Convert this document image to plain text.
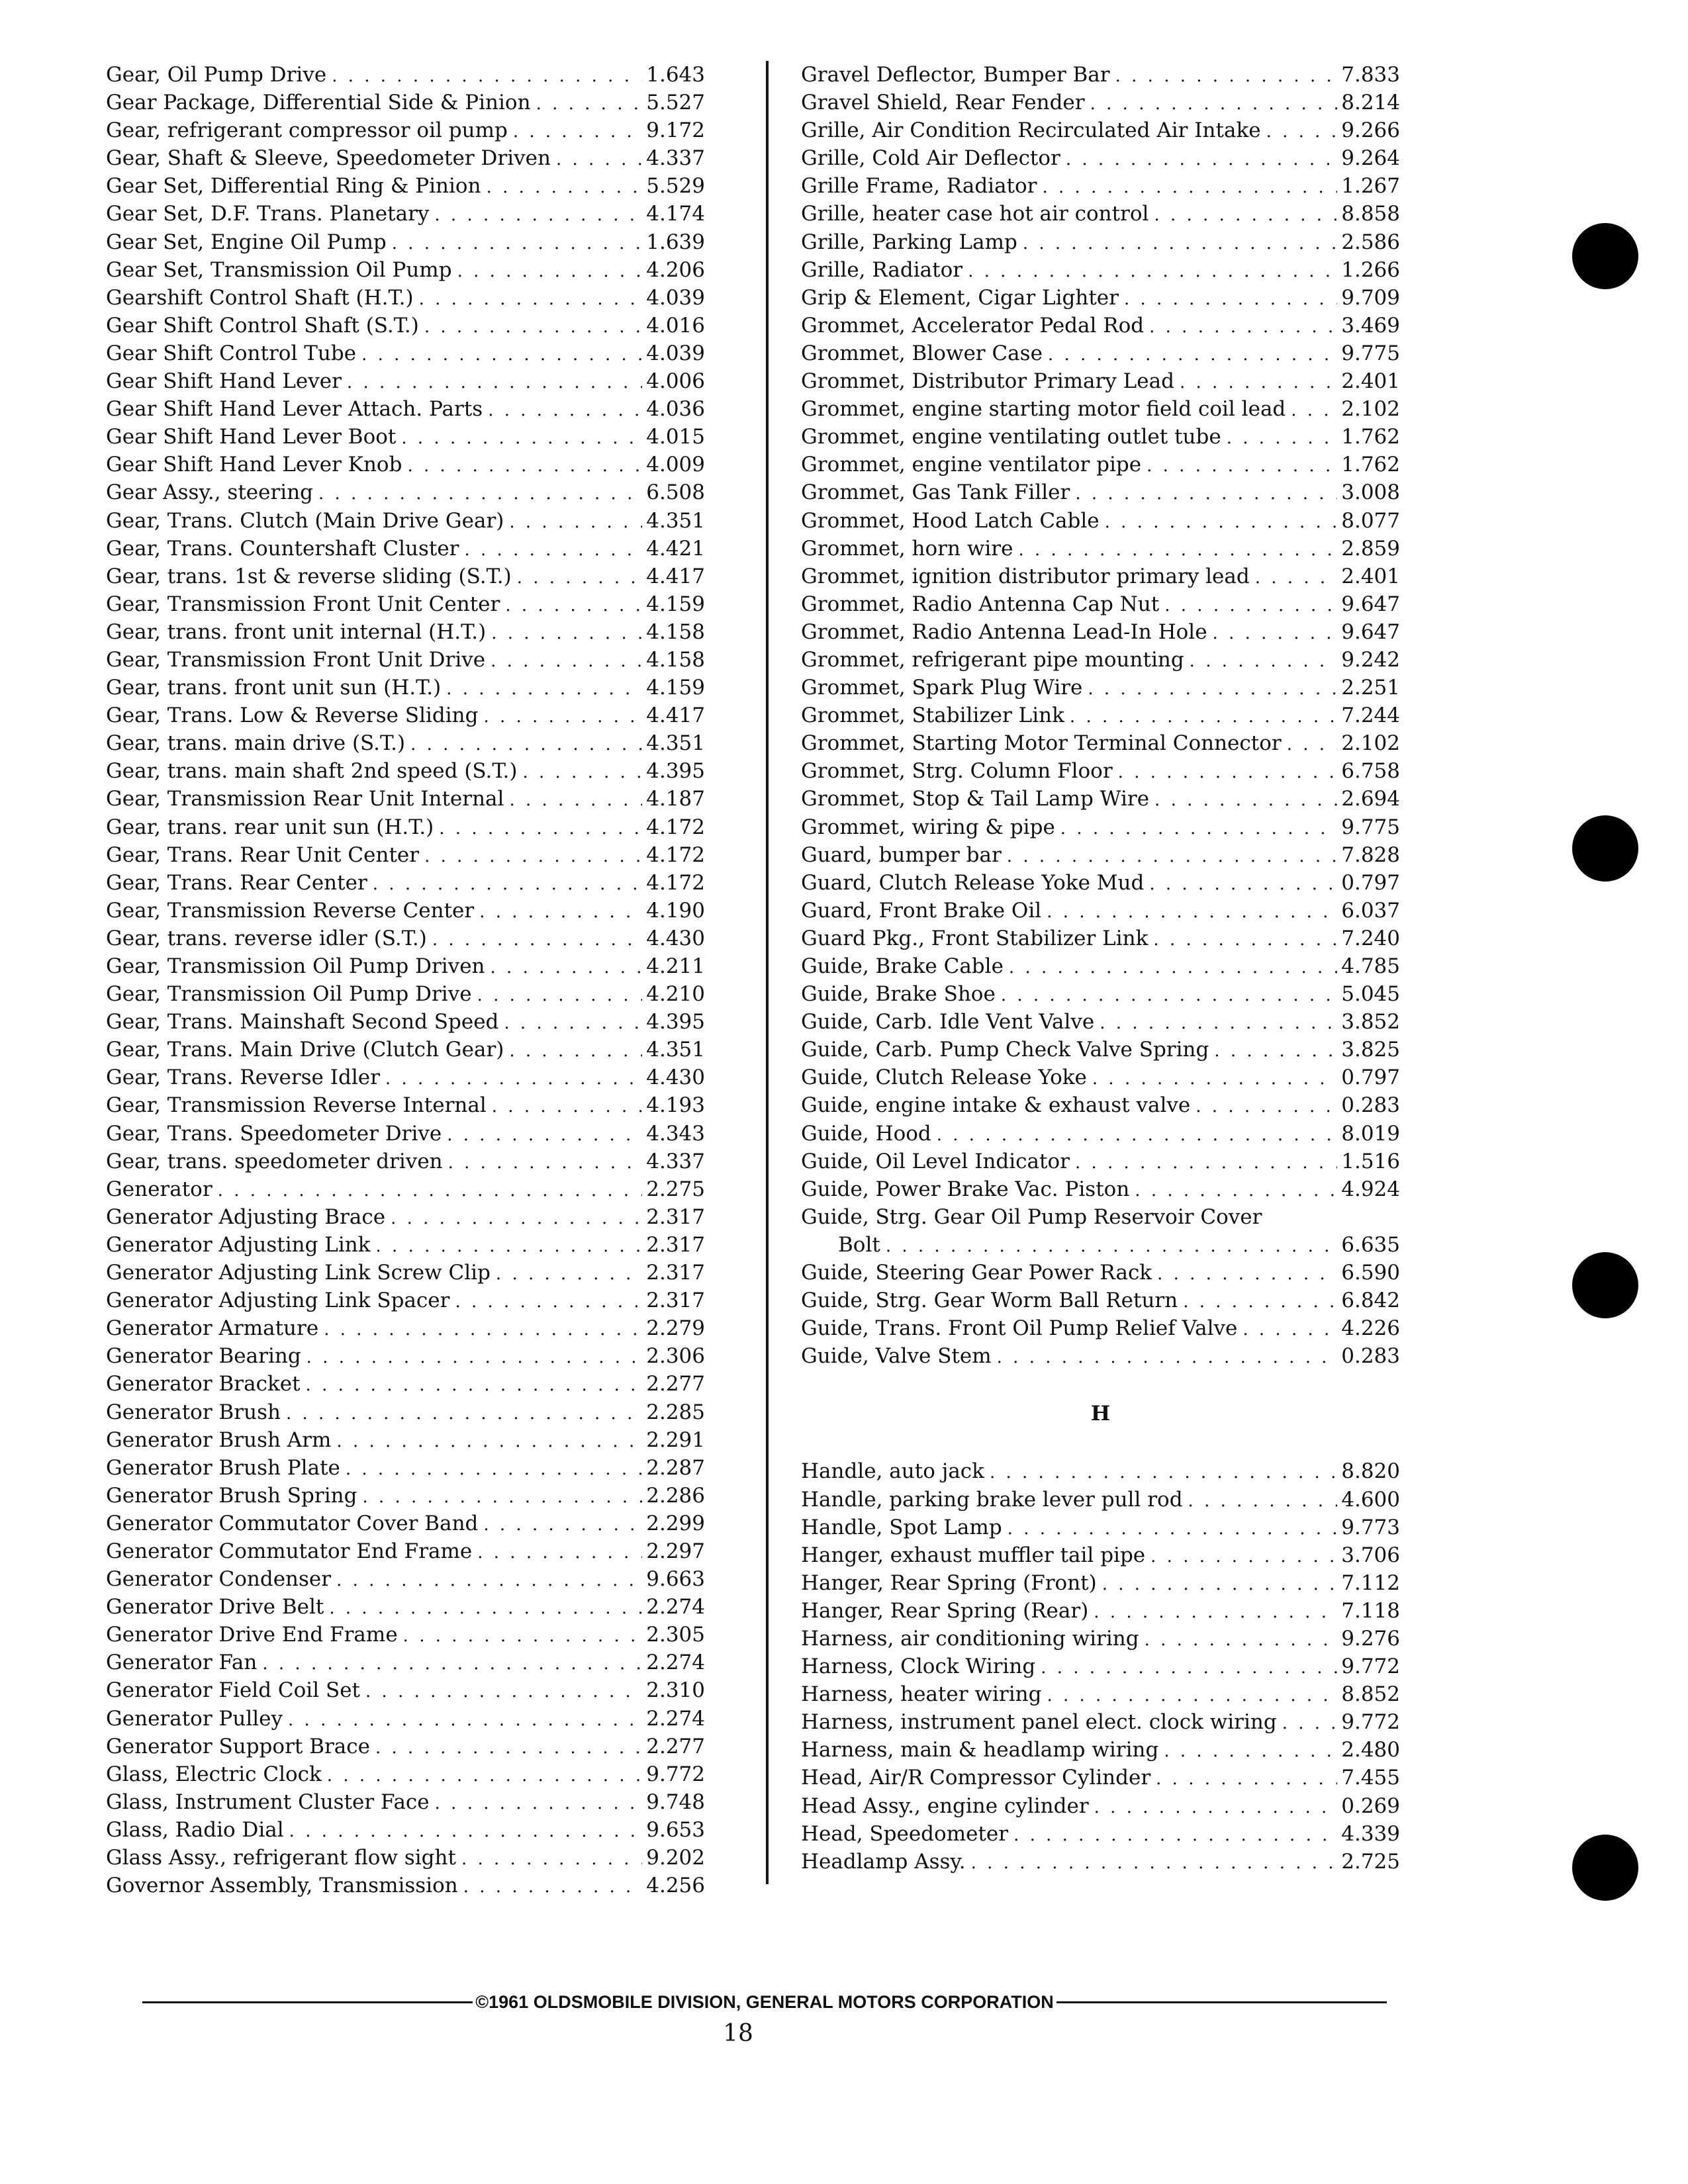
Gear, Oil Pump Drive . . .	1.643
Gear Package, Differential Side & Pinion . . .	5.527
Gear, refrigerant compressor oil pump . . .	9.172
Gear, Shaft & Sleeve, Speedometer Driven . . .	4.337
Gear Set, Differential Ring & Pinion . . .	5.529
Gear Set, D.F. Trans. Planetary . . .	4.174
Gear Set, Engine Oil Pump . . .	1.639
Gear Set, Transmission Oil Pump . . .	4.206
Gearshift Control Shaft (H.T.) . . .	4.039
Gear Shift Control Shaft (S.T.) . . .	4.016
Gear Shift Control Tube . . .	4.039
Gear Shift Hand Lever . . .	4.006
Gear Shift Hand Lever Attach. Parts . . .	4.036
Gear Shift Hand Lever Boot . . .	4.015
Gear Shift Hand Lever Knob . . .	4.009
Gear Assy., steering . . .	6.508
Gear, Trans. Clutch (Main Drive Gear) . . .	4.351
Gear, Trans. Countershaft Cluster . . .	4.421
Gear, trans. 1st & reverse sliding (S.T.) . . .	4.417
Gear, Transmission Front Unit Center . . .	4.159
Gear, trans. front unit internal (H.T.) . . .	4.158
Gear, Transmission Front Unit Drive . . .	4.158
Gear, trans. front unit sun (H.T.) . . .	4.159
Gear, Trans. Low & Reverse Sliding . . .	4.417
Gear, trans. main drive (S.T.) . . .	4.351
Gear, trans. main shaft 2nd speed (S.T.) . . .	4.395
Gear, Transmission Rear Unit Internal . . .	4.187
Gear, trans. rear unit sun (H.T.) . . .	4.172
Gear, Trans. Rear Unit Center . . .	4.172
Gear, Trans. Rear Center . . .	4.172
Gear, Transmission Reverse Center . . .	4.190
Gear, trans. reverse idler (S.T.) . . .	4.430
Gear, Transmission Oil Pump Driven . . .	4.211
Gear, Transmission Oil Pump Drive . . .	4.210
Gear, Trans. Mainshaft Second Speed . . .	4.395
Gear, Trans. Main Drive (Clutch Gear) . . .	4.351
Gear, Trans. Reverse Idler . . .	4.430
Gear, Transmission Reverse Internal . . .	4.193
Gear, Trans. Speedometer Drive . . .	4.343
Gear, trans. speedometer driven . . .	4.337
Generator . . .	2.275
Generator Adjusting Brace . . .	2.317
Generator Adjusting Link . . .	2.317
Generator Adjusting Link Screw Clip . . .	2.317
Generator Adjusting Link Spacer . . .	2.317
Generator Armature . . .	2.279
Generator Bearing . . .	2.306
Generator Bracket . . .	2.277
Generator Brush . . .	2.285
Generator Brush Arm . . .	2.291
Generator Brush Plate . . .	2.287
Generator Brush Spring . . .	2.286
Generator Commutator Cover Band . . .	2.299
Generator Commutator End Frame . . .	2.297
Generator Condenser . . .	9.663
Generator Drive Belt . . .	2.274
Generator Drive End Frame . . .	2.305
Generator Fan . . .	2.274
Generator Field Coil Set . . .	2.310
Generator Pulley . . .	2.274
Generator Support Brace . . .	2.277
Glass, Electric Clock . . .	9.772
Glass, Instrument Cluster Face . . .	9.748
Glass, Radio Dial . . .	9.653
Glass Assy., refrigerant flow sight . . .	9.202
Governor Assembly, Transmission . . .	4.256
Gravel Deflector, Bumper Bar . . .	7.833
Gravel Shield, Rear Fender . . .	8.214
Grille, Air Condition Recirculated Air Intake . . .	9.266
Grille, Cold Air Deflector . . .	9.264
Grille Frame, Radiator . . .	1.267
Grille, heater case hot air control . . .	8.858
Grille, Parking Lamp . . .	2.586
Grille, Radiator . . .	1.266
Grip & Element, Cigar Lighter . . .	9.709
Grommet, Accelerator Pedal Rod . . .	3.469
Grommet, Blower Case . . .	9.775
Grommet, Distributor Primary Lead . . .	2.401
Grommet, engine starting motor field coil lead . . .	2.102
Grommet, engine ventilating outlet tube . . .	1.762
Grommet, engine ventilator pipe . . .	1.762
Grommet, Gas Tank Filler . . .	3.008
Grommet, Hood Latch Cable . . .	8.077
Grommet, horn wire . . .	2.859
Grommet, ignition distributor primary lead . . .	2.401
Grommet, Radio Antenna Cap Nut . . .	9.647
Grommet, Radio Antenna Lead-In Hole . . .	9.647
Grommet, refrigerant pipe mounting . . .	9.242
Grommet, Spark Plug Wire . . .	2.251
Grommet, Stabilizer Link . . .	7.244
Grommet, Starting Motor Terminal Connector . . .	2.102
Grommet, Strg. Column Floor . . .	6.758
Grommet, Stop & Tail Lamp Wire . . .	2.694
Grommet, wiring & pipe . . .	9.775
Guard, bumper bar . . .	7.828
Guard, Clutch Release Yoke Mud . . .	0.797
Guard, Front Brake Oil . . .	6.037
Guard Pkg., Front Stabilizer Link . . .	7.240
Guide, Brake Cable . . .	4.785
Guide, Brake Shoe . . .	5.045
Guide, Carb. Idle Vent Valve . . .	3.852
Guide, Carb. Pump Check Valve Spring . . .	3.825
Guide, Clutch Release Yoke . . .	0.797
Guide, engine intake & exhaust valve . . .	0.283
Guide, Hood . . .	8.019
Guide, Oil Level Indicator . . .	1.516
Guide, Power Brake Vac. Piston . . .	4.924
Guide, Strg. Gear Oil Pump Reservoir Cover
Bolt . . .	6.635
Guide, Steering Gear Power Rack . . .	6.590
Guide, Strg. Gear Worm Ball Return . . .	6.842
Guide, Trans. Front Oil Pump Relief Valve . . .	4.226
Guide, Valve Stem . . .	0.283
H
Handle, auto jack . . .	8.820
Handle, parking brake lever pull rod . . .	4.600
Handle, Spot Lamp . . .	9.773
Hanger, exhaust muffler tail pipe . . .	3.706
Hanger, Rear Spring (Front) . . .	7.112
Hanger, Rear Spring (Rear) . . .	7.118
Harness, air conditioning wiring . . .	9.276
Harness, Clock Wiring . . .	9.772
Harness, heater wiring . . .	8.852
Harness, instrument panel elect. clock wiring . . .	9.772
Harness, main & headlamp wiring . . .	2.480
Head, Air/R Compressor Cylinder . . .	7.455
Head Assy., engine cylinder . . .	0.269
Head, Speedometer . . .	4.339
Headlamp Assy. . . .	2.725
©1961 OLDSMOBILE DIVISION, GENERAL MOTORS CORPORATION
18
